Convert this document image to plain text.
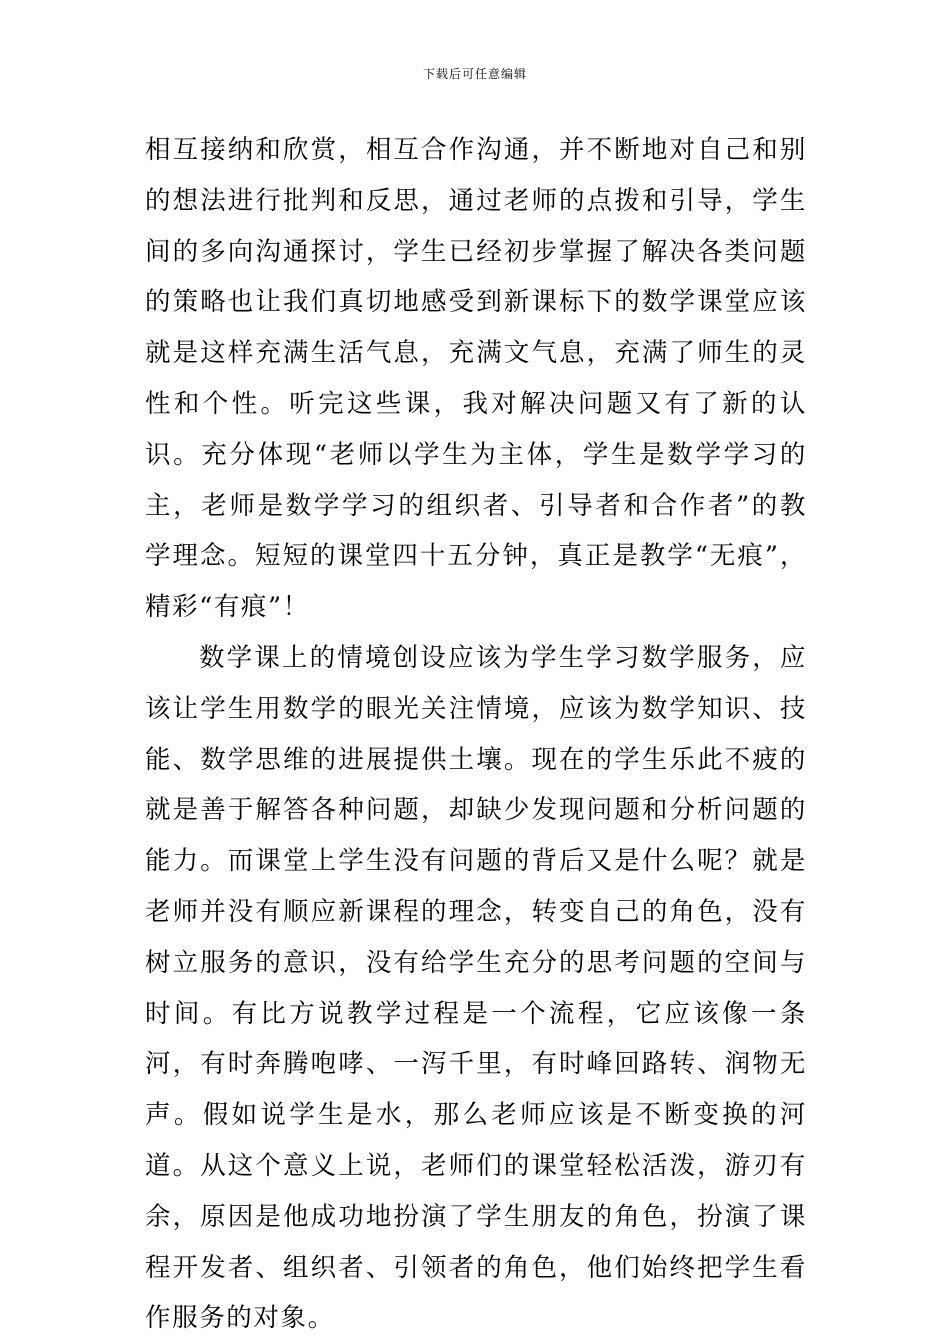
下载后可任意编辑

相互接纳和欣赏，相互合作沟通，并不断地对自己和别的想法进行批判和反思，通过老师的点拨和引导，学生间的多向沟通探讨，学生已经初步掌握了解决各类问题的策略也让我们真切地感受到新课标下的数学课堂应该就是这样充满生活气息，充满文气息，充满了师生的灵性和个性。听完这些课，我对解决问题又有了新的认识。充分体现“老师以学生为主体，学生是数学学习的主，老师是数学学习的组织者、引导者和合作者”的教学理念。短短的课堂四十五分钟，真正是教学“无痕”，精彩“有痕”！

数学课上的情境创设应该为学生学习数学服务，应该让学生用数学的眼光关注情境，应该为数学知识、技能、数学思维的进展提供土壤。现在的学生乐此不疲的就是善于解答各种问题，却缺少发现问题和分析问题的能力。而课堂上学生没有问题的背后又是什么呢？就是老师并没有顺应新课程的理念，转变自己的角色，没有树立服务的意识，没有给学生充分的思考问题的空间与时间。有比方说教学过程是一个流程，它应该像一条河，有时奔腾咆哮、一泻千里，有时峰回路转、润物无声。假如说学生是水，那么老师应该是不断变换的河道。从这个意义上说，老师们的课堂轻松活泼，游刃有余，原因是他成功地扮演了学生朋友的角色，扮演了课程开发者、组织者、引领者的角色，他们始终把学生看作服务的对象。
